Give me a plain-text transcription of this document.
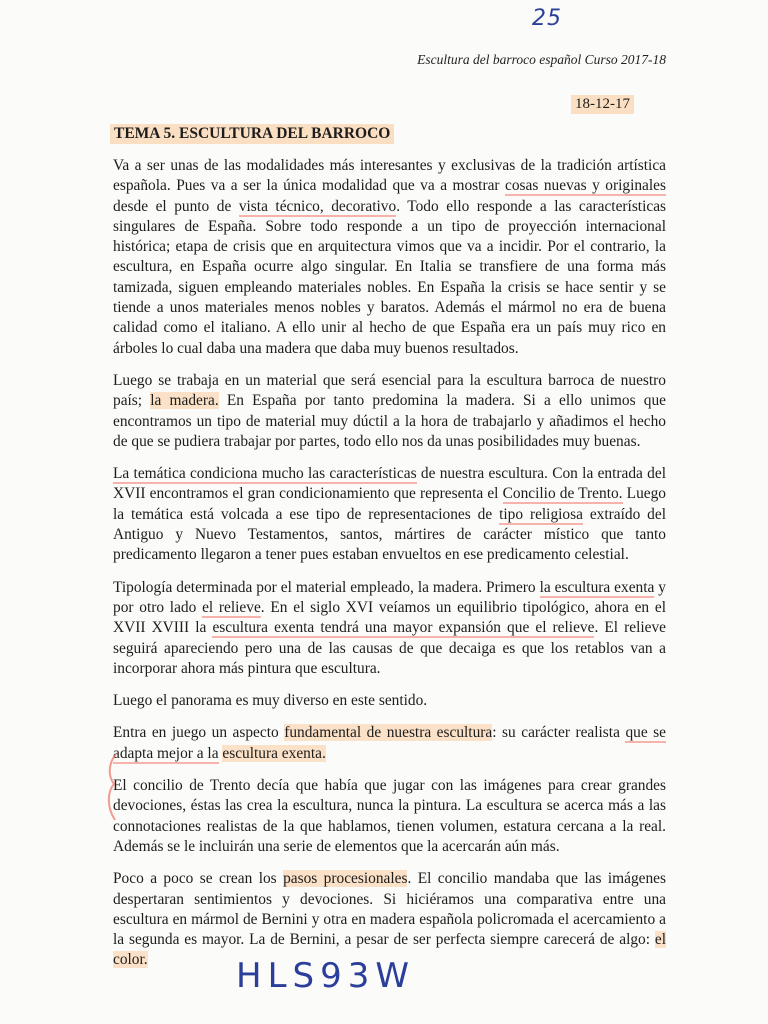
25
Escultura del barroco español Curso 2017-18
18-12-17
TEMA 5. ESCULTURA DEL BARROCO

Va a ser unas de las modalidades más interesantes y exclusivas de la tradición artística española. Pues va a ser la única modalidad que va a mostrar cosas nuevas y originales desde el punto de vista técnico, decorativo. Todo ello responde a las características singulares de España. Sobre todo responde a un tipo de proyección internacional histórica; etapa de crisis que en arquitectura vimos que va a incidir. Por el contrario, la escultura, en España ocurre algo singular. En Italia se transfiere de una forma más tamizada, siguen empleando materiales nobles. En España la crisis se hace sentir y se tiende a unos materiales menos nobles y baratos. Además el mármol no era de buena calidad como el italiano. A ello unir al hecho de que España era un país muy rico en árboles lo cual daba una madera que daba muy buenos resultados.

Luego se trabaja en un material que será esencial para la escultura barroca de nuestro país; la madera. En España por tanto predomina la madera. Si a ello unimos que encontramos un tipo de material muy dúctil a la hora de trabajarlo y añadimos el hecho de que se pudiera trabajar por partes, todo ello nos da unas posibilidades muy buenas.

La temática condiciona mucho las características de nuestra escultura. Con la entrada del XVII encontramos el gran condicionamiento que representa el Concilio de Trento. Luego la temática está volcada a ese tipo de representaciones de tipo religiosa extraído del Antiguo y Nuevo Testamentos, santos, mártires de carácter místico que tanto predicamento llegaron a tener pues estaban envueltos en ese predicamento celestial.

Tipología determinada por el material empleado, la madera. Primero la escultura exenta y por otro lado el relieve. En el siglo XVI veíamos un equilibrio tipológico, ahora en el XVII XVIII la escultura exenta tendrá una mayor expansión que el relieve. El relieve seguirá apareciendo pero una de las causas de que decaiga es que los retablos van a incorporar ahora más pintura que escultura.

Luego el panorama es muy diverso en este sentido.

Entra en juego un aspecto fundamental de nuestra escultura: su carácter realista que se adapta mejor a la escultura exenta.

El concilio de Trento decía que había que jugar con las imágenes para crear grandes devociones, éstas las crea la escultura, nunca la pintura. La escultura se acerca más a las connotaciones realistas de la que hablamos, tienen volumen, estatura cercana a la real. Además se le incluirán una serie de elementos que la acercarán aún más.

Poco a poco se crean los pasos procesionales. El concilio mandaba que las imágenes despertaran sentimientos y devociones. Si hiciéramos una comparativa entre una escultura en mármol de Bernini y otra en madera española policromada el acercamiento a la segunda es mayor. La de Bernini, a pesar de ser perfecta siempre carecerá de algo: el color.	HLS93W
